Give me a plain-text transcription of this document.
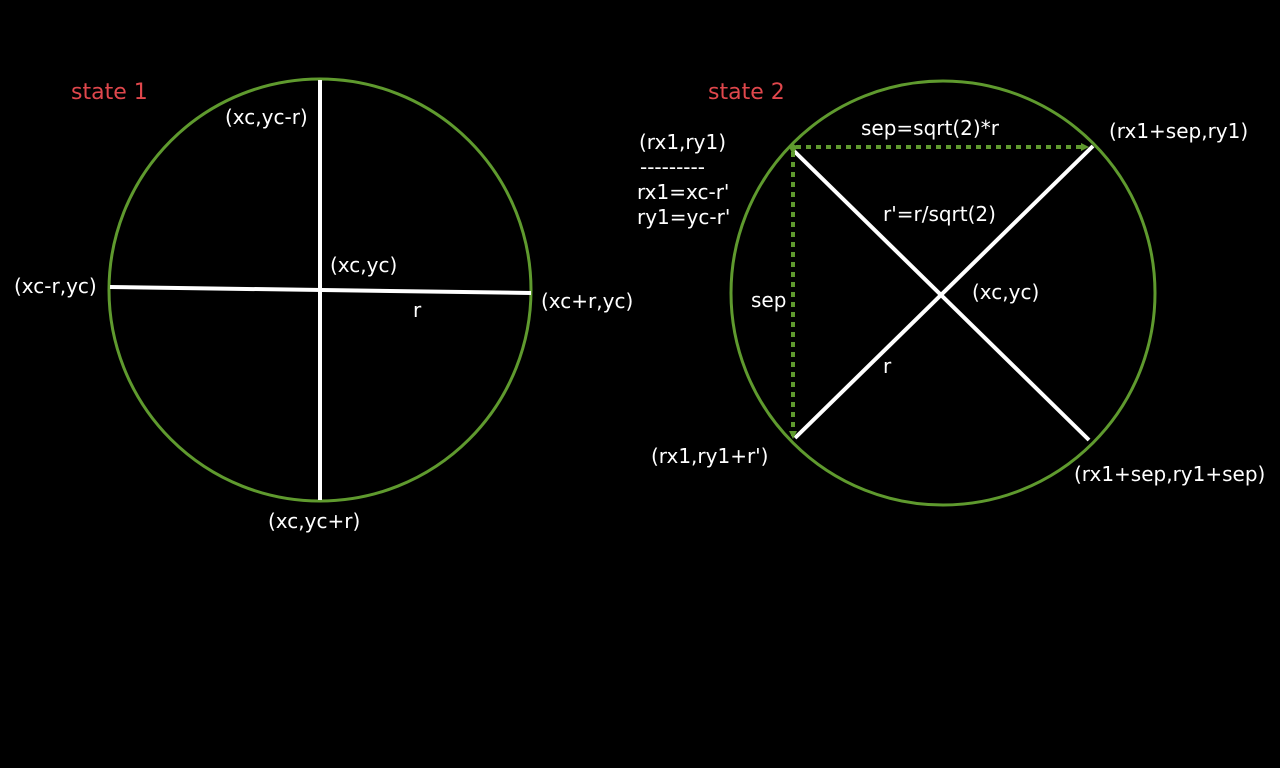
state 1
(xc,yc-r)
(xc-r,yc)
(xc,yc)
(xc+r,yc)
r
(xc,yc+r)
state 2
(rx1,ry1)
---------
rx1=xc-r'
ry1=yc-r'
sep=sqrt(2)*r	(rx1+sep,ry1)
r'=r/sqrt(2)
(xc,yc)
sep
r
(rx1,ry1+r')
(rx1+sep,ry1+sep)
